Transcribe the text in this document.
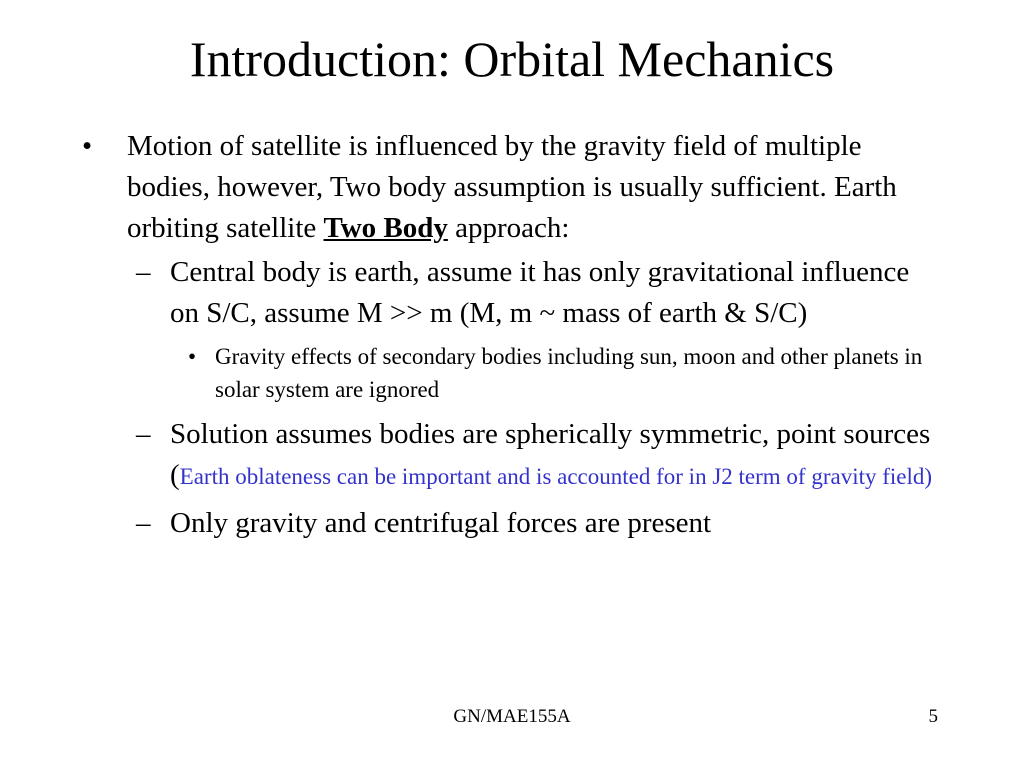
Introduction: Orbital Mechanics

• Motion of satellite is influenced by the gravity field of multiple bodies, however, Two body assumption is usually sufficient. Earth orbiting satellite Two Body approach:

– Central body is earth, assume it has only gravitational influence on S/C, assume M >> m (M, m ~ mass of earth & S/C)

• Gravity effects of secondary bodies including sun, moon and other planets in solar system are ignored

– Solution assumes bodies are spherically symmetric, point sources (Earth oblateness can be important and is accounted for in J2 term of gravity field)

– Only gravity and centrifugal forces are present

GN/MAE155A	5
